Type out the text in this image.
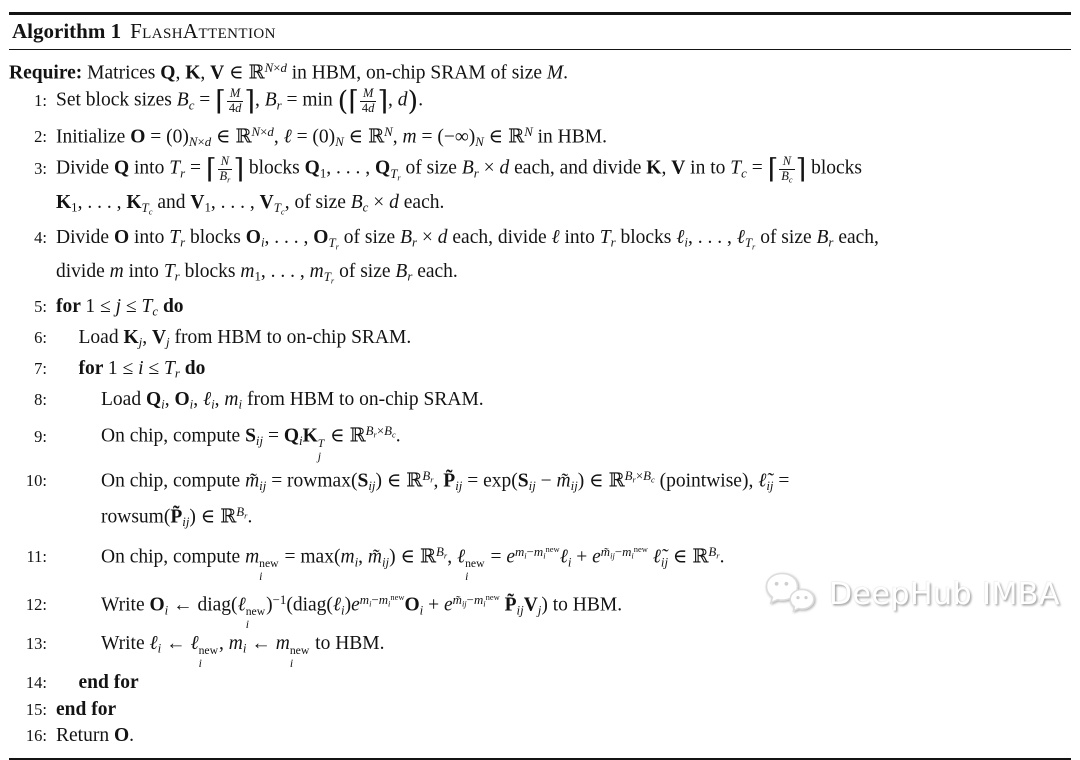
Algorithm 1 FlashAttention
Require: Matrices Q, K, V ∈ ℝ$^{N\times d}$ in HBM, on-chip SRAM of size M.
1: Set block sizes Bc = ⌈ $\frac{M}{4d}$ ⌉, Br = min (⌈ $\frac{M}{4d}$ ⌉, d).
2: Initialize O = (0)N×d ∈ ℝ$^{N\times d}$, ℓ = (0)N ∈ ℝ$^N$, m = (−∞)N ∈ ℝ$^N$ in HBM.
3: Divide Q into Tr = ⌈ $\frac{N}{Br}$ ⌉ blocks Q1, . . . , QTr of size Br × d each, and divide K, V in to Tc = ⌈ $\frac{N}{Bc}$ ⌉ blocks
K1, . . . , KTc and V1, . . . , VTc, of size Bc × d each.
4: Divide O into Tr blocks Oi, . . . , OTr of size Br × d each, divide ℓ into Tr blocks ℓi, . . . , ℓTr of size Br each,
divide m into Tr blocks m1, . . . , mTr of size Br each.
5: for 1 ≤ j ≤ Tc do
6:	Load Kj, Vj from HBM to on-chip SRAM.
7:	for 1 ≤ i ≤ Tr do
8:	Load Qi, Oi, ℓi, mi from HBM to on-chip SRAM.
9:	On chip, compute Sij = QiK T
j
∈ ℝ$^{Br\times Bc}$.
10:	On chip, compute m̃ij = rowmax(Sij) ∈ ℝ$^{Br}$, P̃ij = exp(Sij − m̃ij) ∈ ℝ$^{Br\times Bc}$ (pointwise), ℓ̃ij =
rowsum(P̃ij) ∈ ℝ$^{Br}$.
11:	On chip, compute m new
i
= max(mi, m̃ij) ∈ ℝ$^{Br}$, ℓ new
i
= $e^{mi-mi^{new}}\ell i + e^{m̃ij-mi^{new}}$ ℓ̃ij ∈ ℝ$^{Br}$.
12:	Write Oi ← diag(ℓ new
i
)$^{-1}(diag(\ell i)e^{mi-mi^{new}}Oi + e^{m̃ij-mi^{new}}$ P̃ijVj) to HBM.
13:	Write ℓi ← ℓ new
i
, mi ← m new
i
to HBM.
14:	end for
15: end for
16: Return O.
DeepHub IMBA
